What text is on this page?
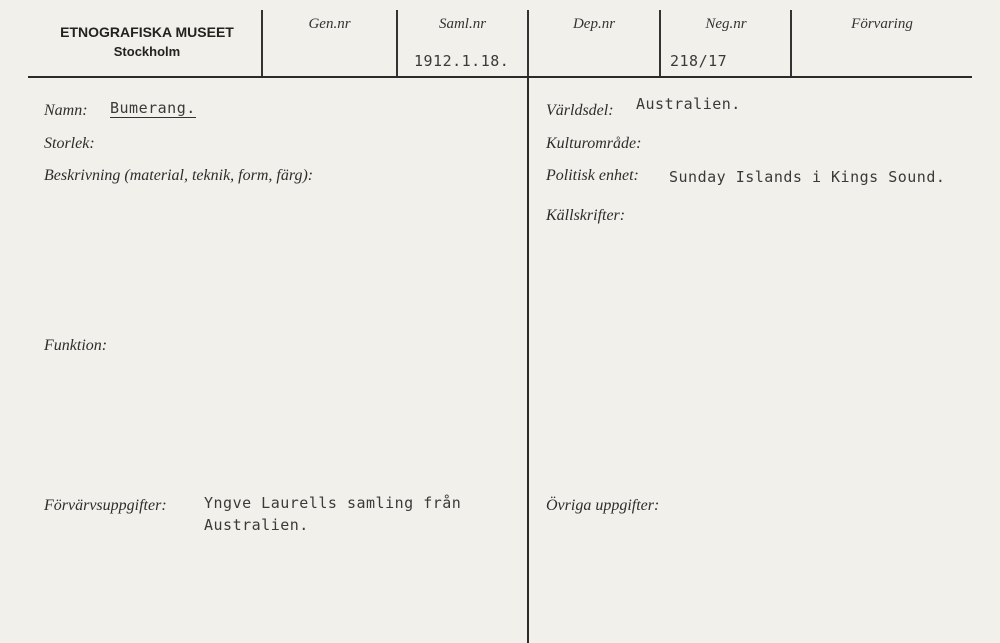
ETNOGRAFISKA MUSEET
Stockholm
Gen.nr	Saml.nr
1912.1.18.
Dep.nr	Neg.nr
218/17
Förvaring
Namn: Bumerang.
Storlek:
Beskrivning (material, teknik, form, färg):
Funktion:
Förvärvsuppgifter: Yngve Laurells samling från
Australien.
Världsdel: Australien.
Kulturområde:
Politisk enhet: Sunday Islands i Kings Sound.
Källskrifter:
Övriga uppgifter:
